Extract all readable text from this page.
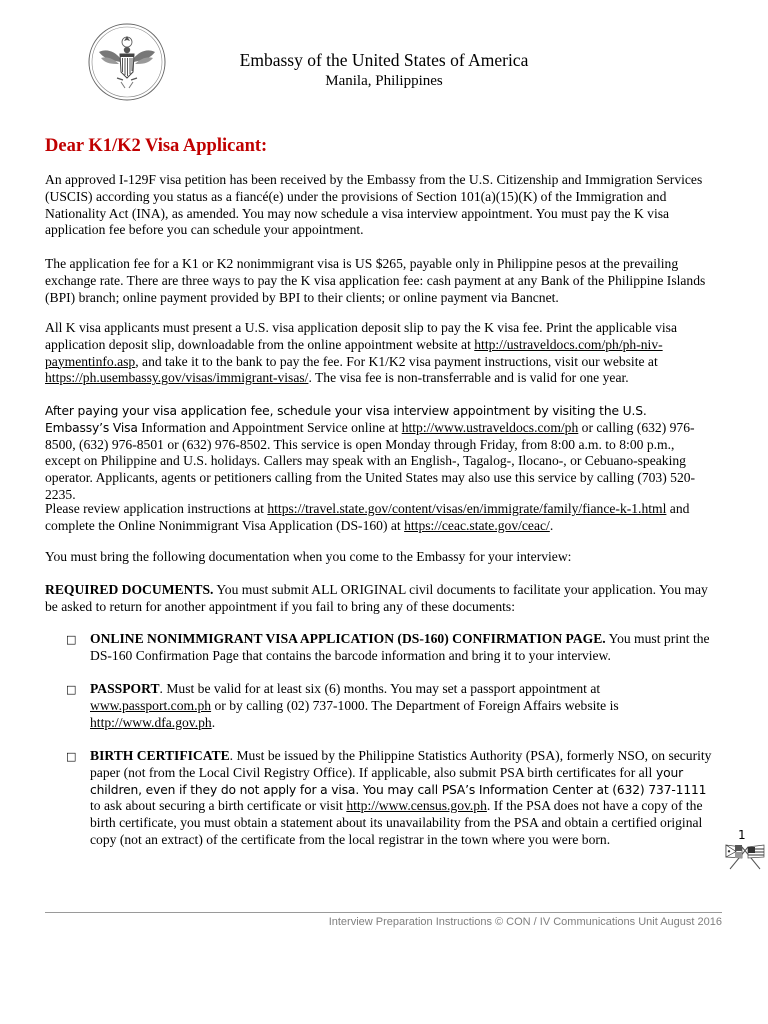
Embassy of the United States of America
Manila, Philippines
Dear K1/K2 Visa Applicant:

An approved I-129F visa petition has been received by the Embassy from the U.S. Citizenship and Immigration Services (USCIS) according you status as a fiancé(e) under the provisions of Section 101(a)(15)(K) of the Immigration and Nationality Act (INA), as amended. You may now schedule a visa interview appointment. You must pay the K visa application fee before you can schedule your appointment.

The application fee for a K1 or K2 nonimmigrant visa is US $265, payable only in Philippine pesos at the prevailing exchange rate. There are three ways to pay the K visa application fee: cash payment at any Bank of the Philippine Islands (BPI) branch; online payment provided by BPI to their clients; or online payment via Bancnet.

All K visa applicants must present a U.S. visa application deposit slip to pay the K visa fee. Print the applicable visa application deposit slip, downloadable from the online appointment website at http://ustraveldocs.com/ph/ph-niv-paymentinfo.asp, and take it to the bank to pay the fee. For K1/K2 visa payment instructions, visit our website at https://ph.usembassy.gov/visas/immigrant-visas/. The visa fee is non-transferrable and is valid for one year.

After paying your visa application fee, schedule your visa interview appointment by visiting the U.S. Embassy’s Visa Information and Appointment Service online at http://www.ustraveldocs.com/ph or calling (632) 976-8500, (632) 976-8501 or (632) 976-8502. This service is open Monday through Friday, from 8:00 a.m. to 8:00 p.m., except on Philippine and U.S. holidays. Callers may speak with an English-, Tagalog-, Ilocano-, or Cebuano-speaking operator. Applicants, agents or petitioners calling from the United States may also use this service by calling (703) 520-2235.

Please review application instructions at https://travel.state.gov/content/visas/en/immigrate/family/fiance-k-1.html and complete the Online Nonimmigrant Visa Application (DS-160) at https://ceac.state.gov/ceac/.

You must bring the following documentation when you come to the Embassy for your interview:

REQUIRED DOCUMENTS. You must submit ALL ORIGINAL civil documents to facilitate your application. You may be asked to return for another appointment if you fail to bring any of these documents:

□ ONLINE NONIMMIGRANT VISA APPLICATION (DS-160) CONFIRMATION PAGE. You must print the DS-160 Confirmation Page that contains the barcode information and bring it to your interview.

□ PASSPORT. Must be valid for at least six (6) months. You may set a passport appointment at www.passport.com.ph or by calling (02) 737-1000. The Department of Foreign Affairs website is http://www.dfa.gov.ph.

□ BIRTH CERTIFICATE. Must be issued by the Philippine Statistics Authority (PSA), formerly NSO, on security paper (not from the Local Civil Registry Office). If applicable, also submit PSA birth certificates for all your children, even if they do not apply for a visa. You may call PSA’s Information Center at (632) 737-1111 to ask about securing a birth certificate or visit http://www.census.gov.ph. If the PSA does not have a copy of the birth certificate, you must obtain a statement about its unavailability from the PSA and obtain a certified original copy (not an extract) of the certificate from the local registrar in the town where you were born.	1
Interview Preparation Instructions © CON / IV Communications Unit August 2016
